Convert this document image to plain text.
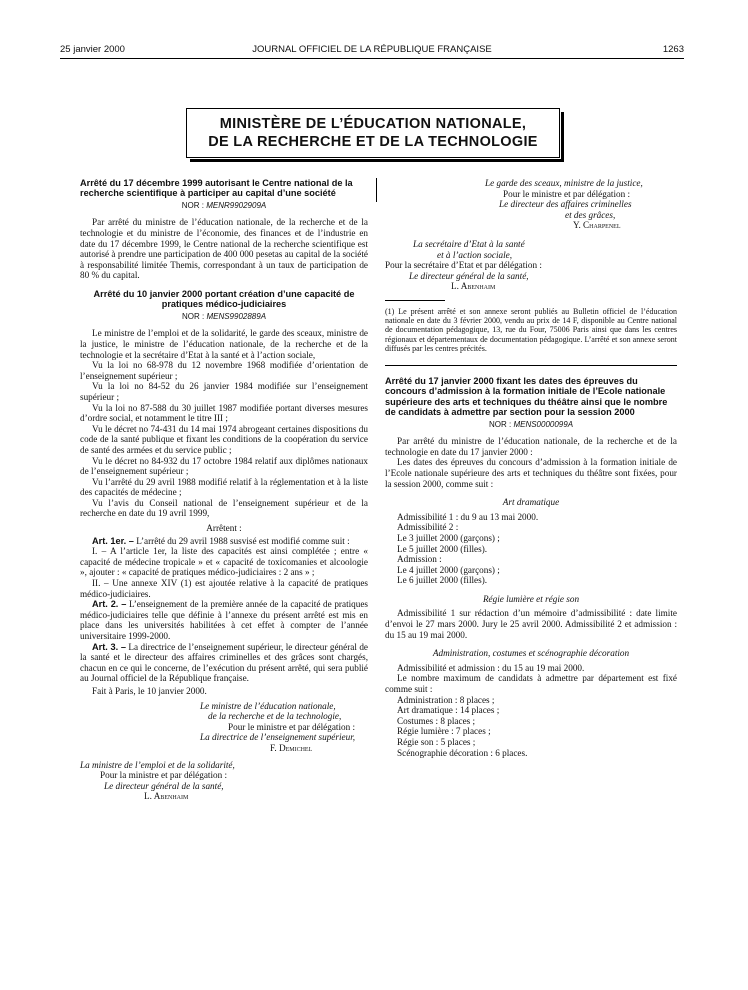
25 janvier 2000	JOURNAL OFFICIEL DE LA RÉPUBLIQUE FRANÇAISE	1263
MINISTÈRE DE L’ÉDUCATION NATIONALE,
DE LA RECHERCHE ET DE LA TECHNOLOGIE
Arrêté du 17 décembre 1999 autorisant le Centre national de la recherche scientifique à participer au capital d’une société
NOR : MENR9902909A

Par arrêté du ministre de l’éducation nationale, de la recherche et de la technologie et du ministre de l’économie, des finances et de l’industrie en date du 17 décembre 1999, le Centre national de la recherche scientifique est autorisé à prendre une participation de 400 000 pesetas au capital de la société à responsabilité limitée Themis, correspondant à un taux de participation de 80 % du capital.

Arrêté du 10 janvier 2000 portant création d’une capacité de pratiques médico-judiciaires
NOR : MENS9902889A

Le ministre de l’emploi et de la solidarité, le garde des sceaux, ministre de la justice, le ministre de l’éducation nationale, de la recherche et de la technologie et la secrétaire d’Etat à la santé et à l’action sociale,

Vu la loi no 68-978 du 12 novembre 1968 modifiée d’orientation de l’enseignement supérieur ;

Vu la loi no 84-52 du 26 janvier 1984 modifiée sur l’enseignement supérieur ;

Vu la loi no 87-588 du 30 juillet 1987 modifiée portant diverses mesures d’ordre social, et notamment le titre III ;

Vu le décret no 74-431 du 14 mai 1974 abrogeant certaines dispositions du code de la santé publique et fixant les conditions de la coopération du service de santé des armées et du service public ;

Vu le décret no 84-932 du 17 octobre 1984 relatif aux diplômes nationaux de l’enseignement supérieur ;

Vu l’arrêté du 29 avril 1988 modifié relatif à la réglementation et à la liste des capacités de médecine ;

Vu l’avis du Conseil national de l’enseignement supérieur et de la recherche en date du 19 avril 1999,

Arrêtent :

Art. 1er. – L’arrêté du 29 avril 1988 susvisé est modifié comme suit :

I. – A l’article 1er, la liste des capacités est ainsi complétée ; entre « capacité de médecine tropicale » et « capacité de toxicomanies et alcoologie », ajouter : « capacité de pratiques médico-judiciaires : 2 ans » ;

II. – Une annexe XIV (1) est ajoutée relative à la capacité de pratiques médico-judiciaires.

Art. 2. – L’enseignement de la première année de la capacité de pratiques médico-judiciaires telle que définie à l’annexe du présent arrêté est mis en place dans les universités habilitées à cet effet à compter de l’année universitaire 1999-2000.

Art. 3. – La directrice de l’enseignement supérieur, le directeur général de la santé et le directeur des affaires criminelles et des grâces sont chargés, chacun en ce qui le concerne, de l’exécution du présent arrêté, qui sera publié au Journal officiel de la République française.

Fait à Paris, le 10 janvier 2000.

Le ministre de l’éducation nationale,
de la recherche et de la technologie,
Pour le ministre et par délégation :
La directrice de l’enseignement supérieur,
F. Demichel
La ministre de l’emploi et de la solidarité,
Pour la ministre et par délégation :
Le directeur général de la santé,
L. Abenhaim
Le garde des sceaux, ministre de la justice,
Pour le ministre et par délégation :
Le directeur des affaires criminelles
et des grâces,
Y. Charpenel
La secrétaire d’Etat à la santé
et à l’action sociale,
Pour la secrétaire d’Etat et par délégation :
Le directeur général de la santé,
L. Abenhaim
(1) Le présent arrêté et son annexe seront publiés au Bulletin officiel de l’éducation nationale en date du 3 février 2000, vendu au prix de 14 F, disponible au Centre national de documentation pédagogique, 13, rue du Four, 75006 Paris ainsi que dans les centres régionaux et départementaux de documentation pédagogique. L’arrêté et son annexe seront diffusés par les centres précités.
Arrêté du 17 janvier 2000 fixant les dates des épreuves du concours d’admission à la formation initiale de l’Ecole nationale supérieure des arts et techniques du théâtre ainsi que le nombre de candidats à admettre par section pour la session 2000
NOR : MENS0000099A

Par arrêté du ministre de l’éducation nationale, de la recherche et de la technologie en date du 17 janvier 2000 :

Les dates des épreuves du concours d’admission à la formation initiale de l’Ecole nationale supérieure des arts et techniques du théâtre sont fixées, pour la session 2000, comme suit :

Art dramatique

Admissibilité 1 : du 9 au 13 mai 2000.

Admissibilité 2 :

Le 3 juillet 2000 (garçons) ;

Le 5 juillet 2000 (filles).

Admission :

Le 4 juillet 2000 (garçons) ;

Le 6 juillet 2000 (filles).

Régie lumière et régie son

Admissibilité 1 sur rédaction d’un mémoire d’admissibilité : date limite d’envoi le 27 mars 2000. Jury le 25 avril 2000. Admissibilité 2 et admission : du 15 au 19 mai 2000.

Administration, costumes et scénographie décoration

Admissibilité et admission : du 15 au 19 mai 2000.

Le nombre maximum de candidats à admettre par département est fixé comme suit :

Administration : 8 places ;

Art dramatique : 14 places ;

Costumes : 8 places ;

Régie lumière : 7 places ;

Régie son : 5 places ;

Scénographie décoration : 6 places.
